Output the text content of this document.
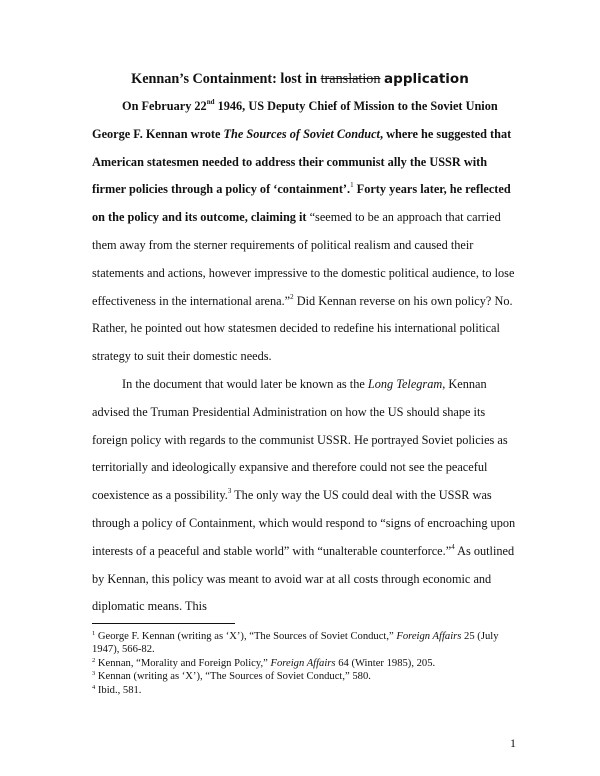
Kennan’s Containment: lost in translation application

On February 22nd 1946, US Deputy Chief of Mission to the Soviet Union George F. Kennan wrote The Sources of Soviet Conduct, where he suggested that American statesmen needed to address their communist ally the USSR with firmer policies through a policy of ‘containment’.$^1$ Forty years later, he reflected on the policy and its outcome, claiming it “seemed to be an approach that carried them away from the sterner requirements of political realism and caused their statements and actions, however impressive to the domestic political audience, to lose effectiveness in the international arena.”$^2$ Did Kennan reverse on his own policy? No. Rather, he pointed out how statesmen decided to redefine his international political strategy to suit their domestic needs.

In the document that would later be known as the Long Telegram, Kennan advised the Truman Presidential Administration on how the US should shape its foreign policy with regards to the communist USSR. He portrayed Soviet policies as territorially and ideologically expansive and therefore could not see the peaceful coexistence as a possibility.$^3$ The only way the US could deal with the USSR was through a policy of Containment, which would respond to “signs of encroaching upon interests of a peaceful and stable world” with “unalterable counterforce.”$^4$ As outlined by Kennan, this policy was meant to avoid war at all costs through economic and diplomatic means. This

$^1$ George F. Kennan (writing as ‘X’), “The Sources of Soviet Conduct,” Foreign Affairs 25 (July 1947), 566-82.
$^2$ Kennan, “Morality and Foreign Policy,” Foreign Affairs 64 (Winter 1985), 205.
$^3$ Kennan (writing as ‘X’), “The Sources of Soviet Conduct,” 580.
$^4$ Ibid., 581.
1
